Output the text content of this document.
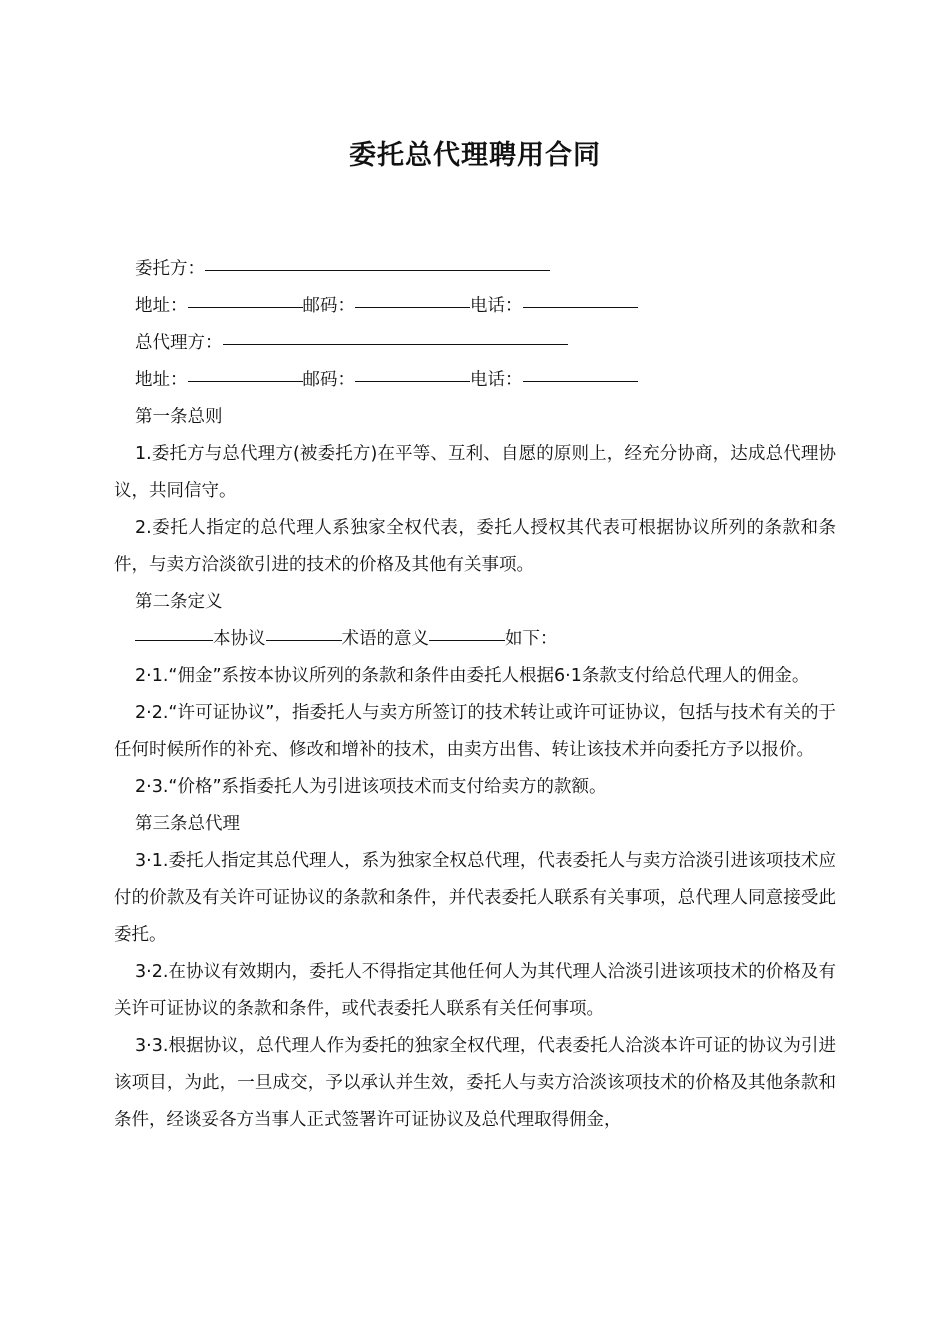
委托总代理聘用合同
委托方：
地址：	邮码：	电话：
总代理方：
地址：	邮码：	电话：
第一条总则
1.委托方与总代理方(被委托方)在平等、互利、自愿的原则上，经充分协商，达成总代理协议，共同信守。
2.委托人指定的总代理人系独家全权代表，委托人授权其代表可根据协议所列的条款和条件，与卖方洽淡欲引进的技术的价格及其他有关事项。
第二条定义
本协议	术语的意义	如下：
2·1.“佣金”系按本协议所列的条款和条件由委托人根据6·1条款支付给总代理人的佣金。
2·2.“许可证协议”，指委托人与卖方所签订的技术转让或许可证协议，包括与技术有关的于任何时候所作的补充、修改和增补的技术，由卖方出售、转让该技术并向委托方予以报价。
2·3.“价格”系指委托人为引进该项技术而支付给卖方的款额。
第三条总代理
3·1.委托人指定其总代理人，系为独家全权总代理，代表委托人与卖方洽淡引进该项技术应付的价款及有关许可证协议的条款和条件，并代表委托人联系有关事项，总代理人同意接受此委托。
3·2.在协议有效期内，委托人不得指定其他任何人为其代理人洽淡引进该项技术的价格及有关许可证协议的条款和条件，或代表委托人联系有关任何事项。
3·3.根据协议，总代理人作为委托的独家全权代理，代表委托人洽淡本许可证的协议为引进该项目，为此，一旦成交，予以承认并生效，委托人与卖方洽淡该项技术的价格及其他条款和条件，经谈妥各方当事人正式签署许可证协议及总代理取得佣金，
